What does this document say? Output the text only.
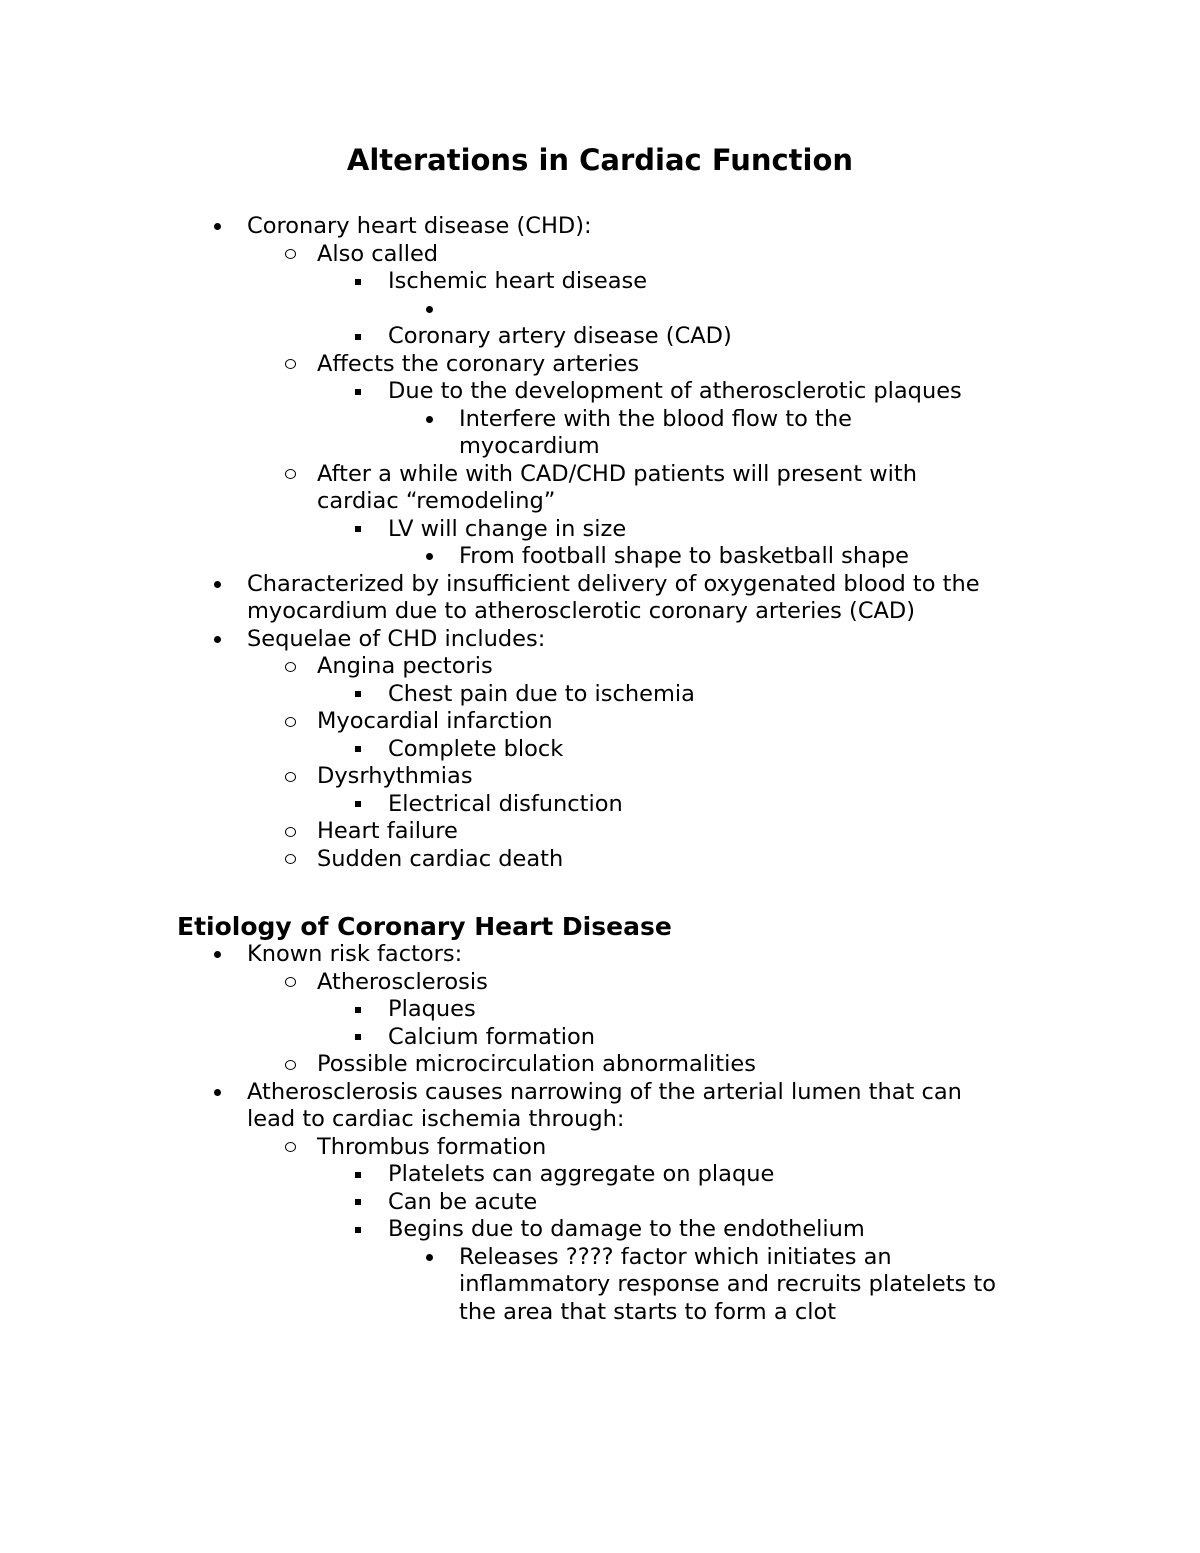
Alterations in Cardiac Function
Coronary heart disease (CHD):
Also called
Ischemic heart disease
Coronary artery disease (CAD)
Affects the coronary arteries
Due to the development of atherosclerotic plaques
Interfere with the blood flow to the
myocardium
After a while with CAD/CHD patients will present with
cardiac “remodeling”
LV will change in size
From football shape to basketball shape
Characterized by insufficient delivery of oxygenated blood to the
myocardium due to atherosclerotic coronary arteries (CAD)
Sequelae of CHD includes:
Angina pectoris
Chest pain due to ischemia
Myocardial infarction
Complete block
Dysrhythmias
Electrical disfunction
Heart failure
Sudden cardiac death
Etiology of Coronary Heart Disease
Known risk factors:
Atherosclerosis
Plaques
Calcium formation
Possible microcirculation abnormalities
Atherosclerosis causes narrowing of the arterial lumen that can
lead to cardiac ischemia through:
Thrombus formation
Platelets can aggregate on plaque
Can be acute
Begins due to damage to the endothelium
Releases ???? factor which initiates an
inflammatory response and recruits platelets to
the area that starts to form a clot
